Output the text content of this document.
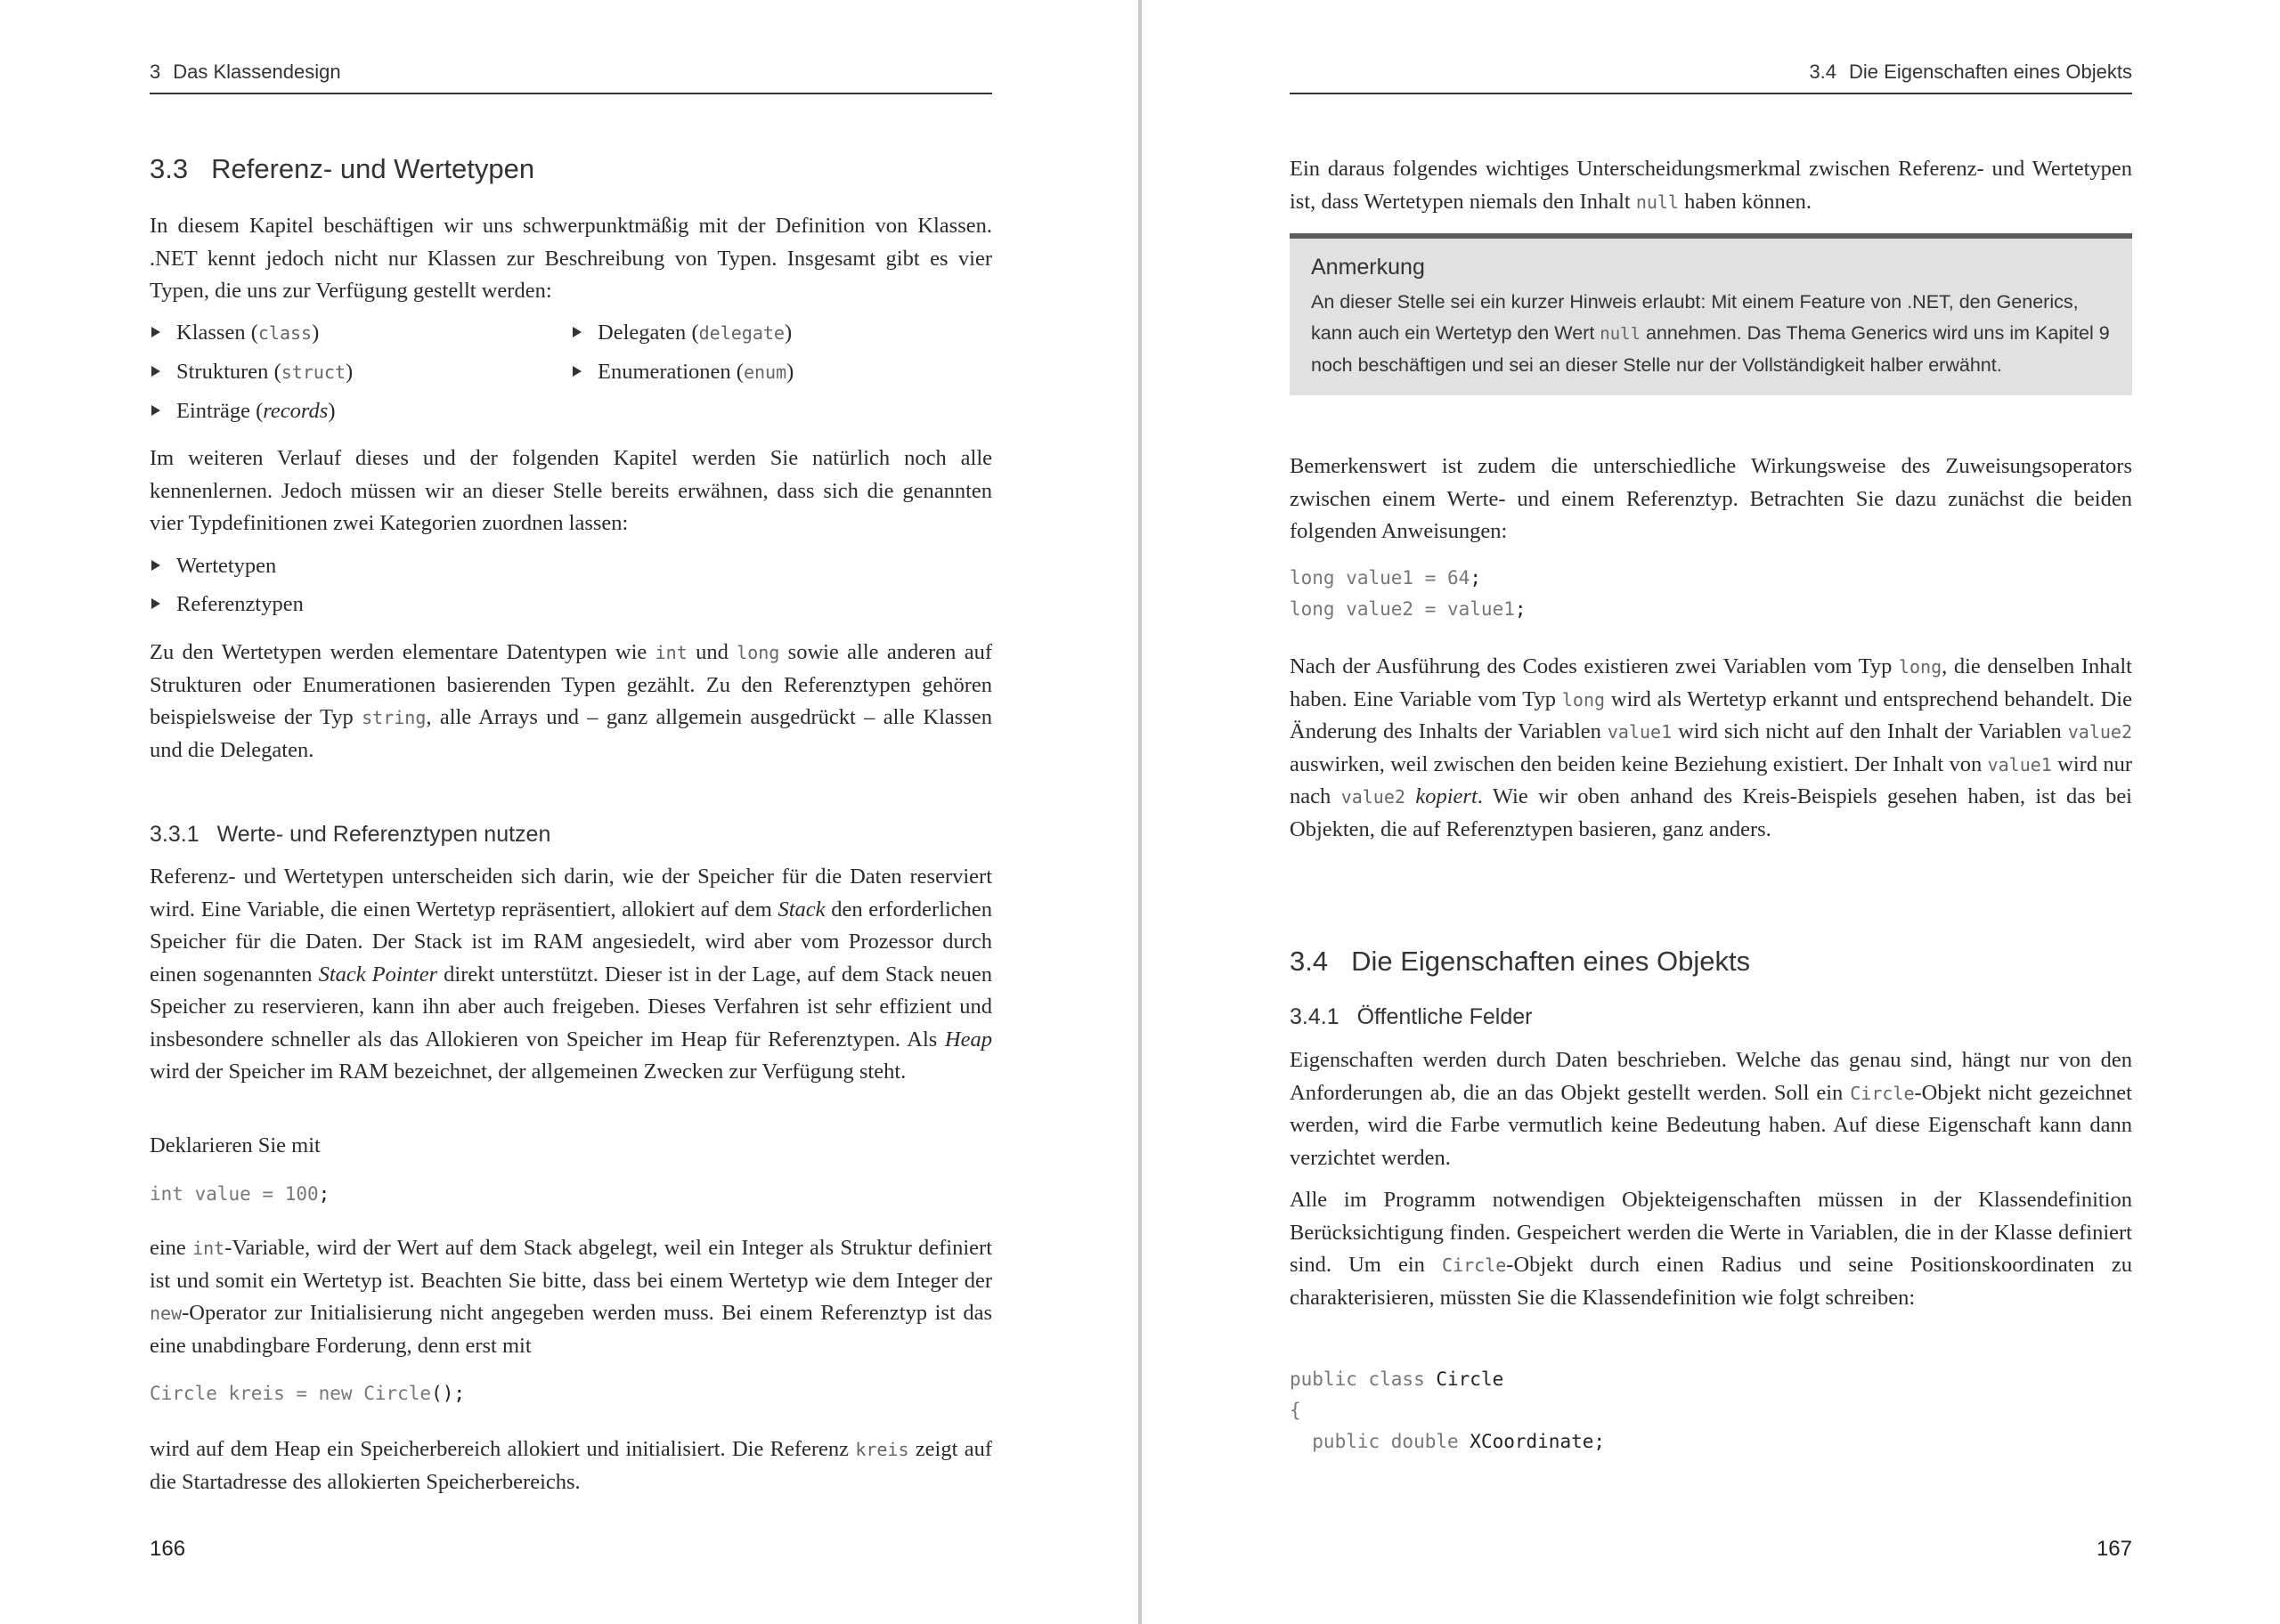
3 Das Klassendesign
3.3 Referenz- und Wertetypen

In diesem Kapitel beschäftigen wir uns schwerpunktmäßig mit der Definition von Klassen. .NET kennt jedoch nicht nur Klassen zur Beschreibung von Typen. Insgesamt gibt es vier Typen, die uns zur Verfügung gestellt werden:

Klassen (class)
Strukturen (struct)
Einträge (records)
Delegaten (delegate)
Enumerationen (enum)

Im weiteren Verlauf dieses und der folgenden Kapitel werden Sie natürlich noch alle kennenlernen. Jedoch müssen wir an dieser Stelle bereits erwähnen, dass sich die genannten vier Typdefinitionen zwei Kategorien zuordnen lassen:

Wertetypen
Referenztypen

Zu den Wertetypen werden elementare Datentypen wie int und long sowie alle anderen auf Strukturen oder Enumerationen basierenden Typen gezählt. Zu den Referenztypen gehören beispielsweise der Typ string, alle Arrays und – ganz allgemein ausgedrückt – alle Klassen und die Delegaten.

3.3.1 Werte- und Referenztypen nutzen

Referenz- und Wertetypen unterscheiden sich darin, wie der Speicher für die Daten reserviert wird. Eine Variable, die einen Wertetyp repräsentiert, allokiert auf dem Stack den erforderlichen Speicher für die Daten. Der Stack ist im RAM angesiedelt, wird aber vom Prozessor durch einen sogenannten Stack Pointer direkt unterstützt. Dieser ist in der Lage, auf dem Stack neuen Speicher zu reservieren, kann ihn aber auch freigeben. Dieses Verfahren ist sehr effizient und insbesondere schneller als das Allokieren von Speicher im Heap für Referenztypen. Als Heap wird der Speicher im RAM bezeichnet, der allgemeinen Zwecken zur Verfügung steht.

Deklarieren Sie mit

int value = 100;

eine int-Variable, wird der Wert auf dem Stack abgelegt, weil ein Integer als Struktur definiert ist und somit ein Wertetyp ist. Beachten Sie bitte, dass bei einem Wertetyp wie dem Integer der new-Operator zur Initialisierung nicht angegeben werden muss. Bei einem Referenztyp ist das eine unabdingbare Forderung, denn erst mit

Circle kreis = new Circle();

wird auf dem Heap ein Speicherbereich allokiert und initialisiert. Die Referenz kreis zeigt auf die Startadresse des allokierten Speicherbereichs.

166
3.4 Die Eigenschaften eines Objekts

Ein daraus folgendes wichtiges Unterscheidungsmerkmal zwischen Referenz- und Wertetypen ist, dass Wertetypen niemals den Inhalt null haben können.

Anmerkung
An dieser Stelle sei ein kurzer Hinweis erlaubt: Mit einem Feature von .NET, den Generics, kann auch ein Wertetyp den Wert null annehmen. Das Thema Generics wird uns im Kapitel 9 noch beschäftigen und sei an dieser Stelle nur der Vollständigkeit halber erwähnt.

Bemerkenswert ist zudem die unterschiedliche Wirkungsweise des Zuweisungsoperators zwischen einem Werte- und einem Referenztyp. Betrachten Sie dazu zunächst die beiden folgenden Anweisungen:

long value1 = 64;
long value2 = value1;

Nach der Ausführung des Codes existieren zwei Variablen vom Typ long, die denselben Inhalt haben. Eine Variable vom Typ long wird als Wertetyp erkannt und entsprechend behandelt. Die Änderung des Inhalts der Variablen value1 wird sich nicht auf den Inhalt der Variablen value2 auswirken, weil zwischen den beiden keine Beziehung existiert. Der Inhalt von value1 wird nur nach value2 kopiert. Wie wir oben anhand des Kreis-Beispiels gesehen haben, ist das bei Objekten, die auf Referenztypen basieren, ganz anders.

3.4 Die Eigenschaften eines Objekts
3.4.1 Öffentliche Felder

Eigenschaften werden durch Daten beschrieben. Welche das genau sind, hängt nur von den Anforderungen ab, die an das Objekt gestellt werden. Soll ein Circle-Objekt nicht gezeichnet werden, wird die Farbe vermutlich keine Bedeutung haben. Auf diese Eigenschaft kann dann verzichtet werden.

Alle im Programm notwendigen Objekteigenschaften müssen in der Klassendefinition Berücksichtigung finden. Gespeichert werden die Werte in Variablen, die in der Klasse definiert sind. Um ein Circle-Objekt durch einen Radius und seine Positionskoordinaten zu charakterisieren, müssten Sie die Klassendefinition wie folgt schreiben:

public class Circle
{
public double XCoordinate;
167
